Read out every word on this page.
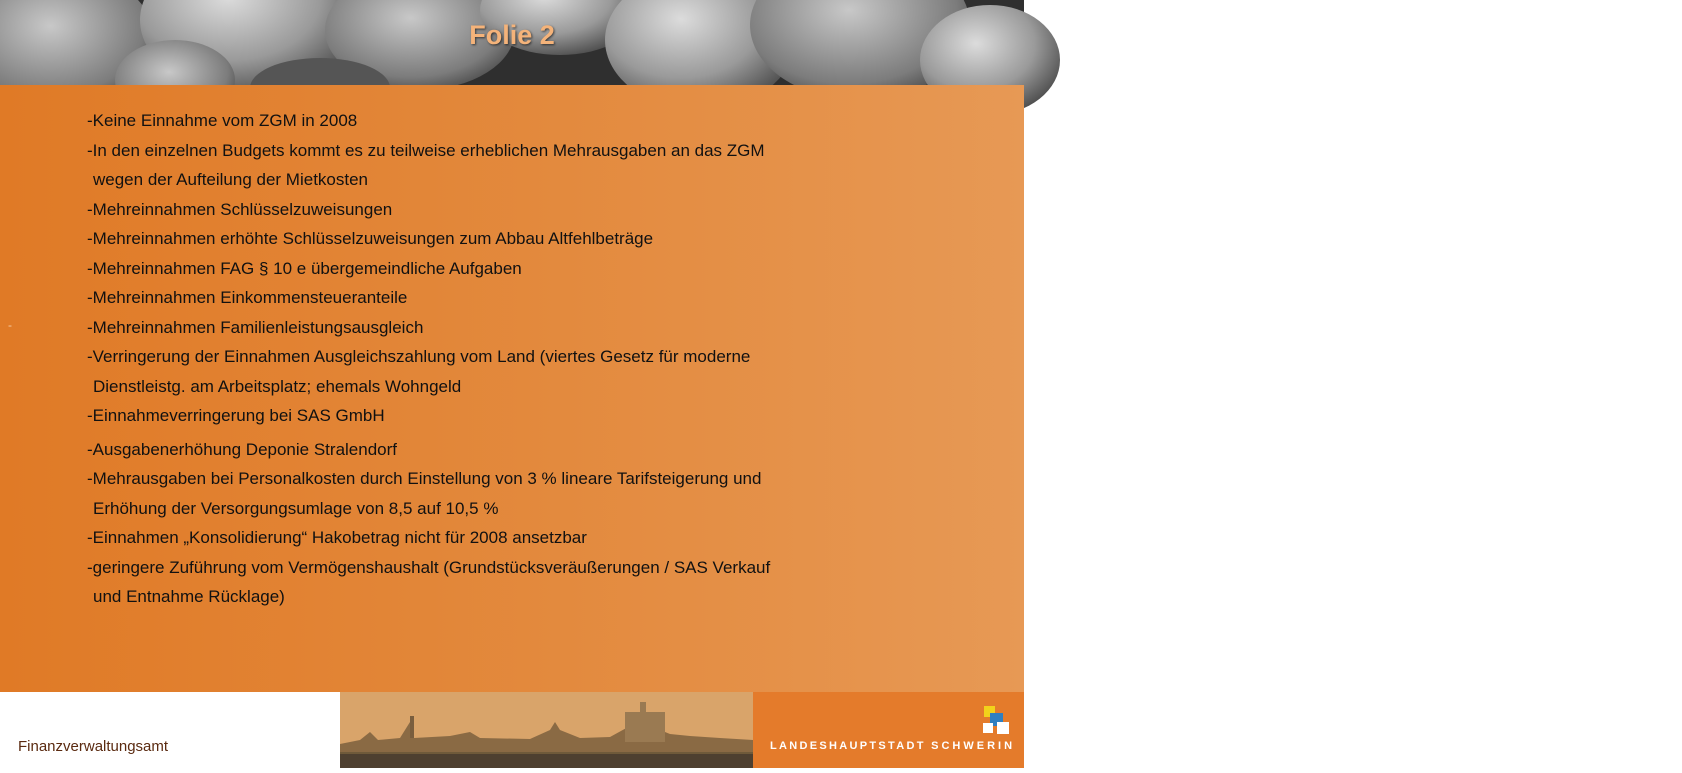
Folie 2
-
-Keine Einnahme vom ZGM in 2008
-In den einzelnen Budgets kommt es zu teilweise erheblichen Mehrausgaben an das ZGM
wegen der Aufteilung der Mietkosten
-Mehreinnahmen Schlüsselzuweisungen
-Mehreinnahmen erhöhte Schlüsselzuweisungen zum Abbau Altfehlbeträge
-Mehreinnahmen FAG § 10 e übergemeindliche Aufgaben
-Mehreinnahmen Einkommensteueranteile
-Mehreinnahmen Familienleistungsausgleich
-Verringerung der Einnahmen Ausgleichszahlung vom Land (viertes Gesetz für moderne
Dienstleistg. am Arbeitsplatz; ehemals Wohngeld
-Einnahmeverringerung bei SAS GmbH
-Ausgabenerhöhung Deponie Stralendorf
-Mehrausgaben bei Personalkosten durch Einstellung von 3 % lineare Tarifsteigerung und
Erhöhung der Versorgungsumlage von 8,5 auf 10,5 %
-Einnahmen „Konsolidierung“ Hakobetrag nicht für 2008 ansetzbar
-geringere Zuführung vom Vermögenshaushalt (Grundstücksveräußerungen / SAS Verkauf
und Entnahme Rücklage)
Finanzverwaltungsamt
13
LANDESHAUPTSTADT SCHWERIN
